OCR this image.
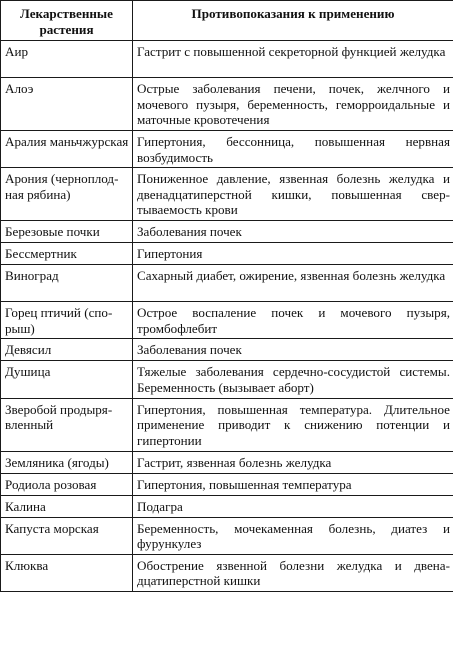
Лекарственные растения	Противопоказания к применению
Аир	Гастрит с повышенной секреторной функцией желудка
Алоэ	Острые заболевания печени, почек, желчного и мочевого пузыря, беременность, геморроидальные и маточные кровотечения
Аралия маньчжурская	Гипертония, бессонница, повышенная нервная возбудимость
Арония (черноплодная рябина)	Пониженное давление, язвенная болезнь желудка и двенадцатиперстной кишки, повышенная свертываемость крови
Березовые почки	Заболевания почек
Бессмертник	Гипертония
Виноград	Сахарный диабет, ожирение, язвенная болезнь желудка
Горец птичий (спорыш)	Острое воспаление почек и мочевого пузыря, тромбофлебит
Девясил	Заболевания почек
Душица	Тяжелые заболевания сердечно-сосудистой системы. Беременность (вызывает аборт)
Зверобой продырявленный	Гипертония, повышенная температура. Длительное применение приводит к снижению потенции и гипертонии
Земляника (ягоды)	Гастрит, язвенная болезнь желудка
Родиола розовая	Гипертония, повышенная температура
Калина	Подагра
Капуста морская	Беременность, мочекаменная болезнь, диатез и фурункулез
Клюква	Обострение язвенной болезни желудка и двенадцатиперстной кишки
